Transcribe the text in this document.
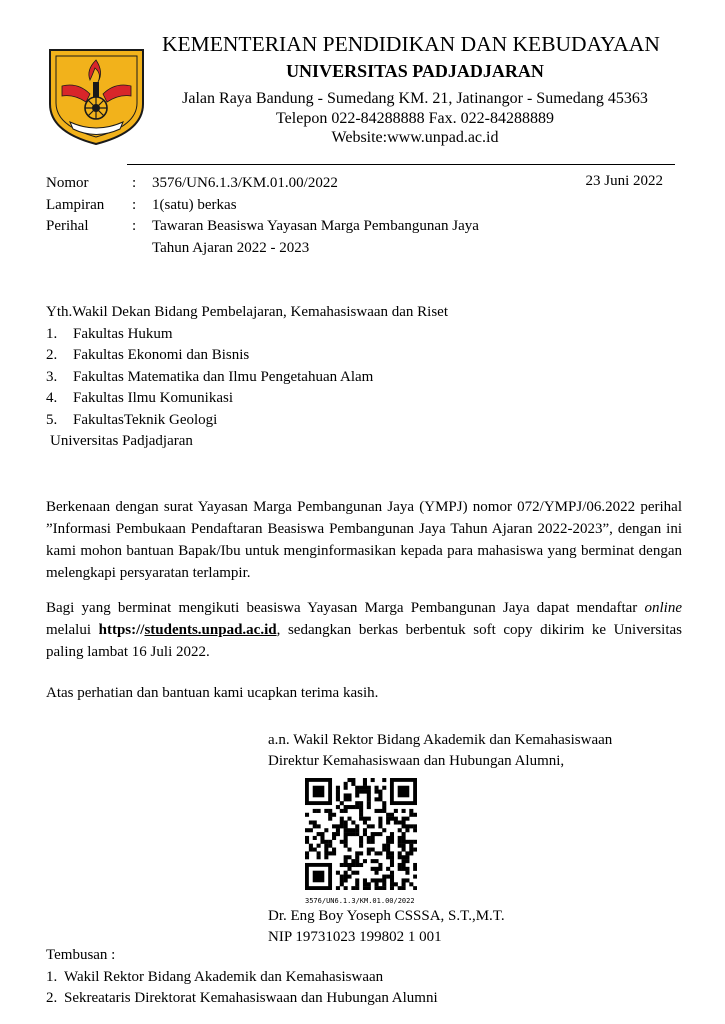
KEMENTERIAN PENDIDIKAN DAN KEBUDAYAAN
UNIVERSITAS PADJADJARAN
Jalan Raya Bandung - Sumedang KM. 21, Jatinangor - Sumedang 45363
Telepon 022-84288888 Fax. 022-84288889
Website:www.unpad.ac.id
Nomor	:	3576/UN6.1.3/KM.01.00/2022
Lampiran	:	1(satu) berkas
Perihal	:	Tawaran Beasiswa Yayasan Marga Pembangunan Jaya
Tahun Ajaran 2022 - 2023
23 Juni 2022
Yth.Wakil Dekan Bidang Pembelajaran, Kemahasiswaan dan Riset
1.	Fakultas Hukum
2.	Fakultas Ekonomi dan Bisnis
3.	Fakultas Matematika dan Ilmu Pengetahuan Alam
4.	Fakultas Ilmu Komunikasi
5.	FakultasTeknik Geologi
Universitas Padjadjaran

Berkenaan dengan surat Yayasan Marga Pembangunan Jaya (YMPJ) nomor 072/YMPJ/06.2022 perihal ”Informasi Pembukaan Pendaftaran Beasiswa Pembangunan Jaya Tahun Ajaran 2022-2023”, dengan ini kami mohon bantuan Bapak/Ibu untuk menginformasikan kepada para mahasiswa yang berminat dengan melengkapi persyaratan terlampir.

Bagi yang berminat mengikuti beasiswa Yayasan Marga Pembangunan Jaya dapat mendaftar online melalui https://students.unpad.ac.id, sedangkan berkas berbentuk soft copy dikirim ke Universitas paling lambat 16 Juli 2022.

Atas perhatian dan bantuan kami ucapkan terima kasih.

a.n. Wakil Rektor Bidang Akademik dan Kemahasiswaan
Direktur Kemahasiswaan dan Hubungan Alumni,
3576/UN6.1.3/KM.01.00/2022
Dr. Eng Boy Yoseph CSSSA, S.T.,M.T.
NIP 19731023 199802 1 001
Tembusan :
1. Wakil Rektor Bidang Akademik dan Kemahasiswaan
2. Sekreataris Direktorat Kemahasiswaan dan Hubungan Alumni
